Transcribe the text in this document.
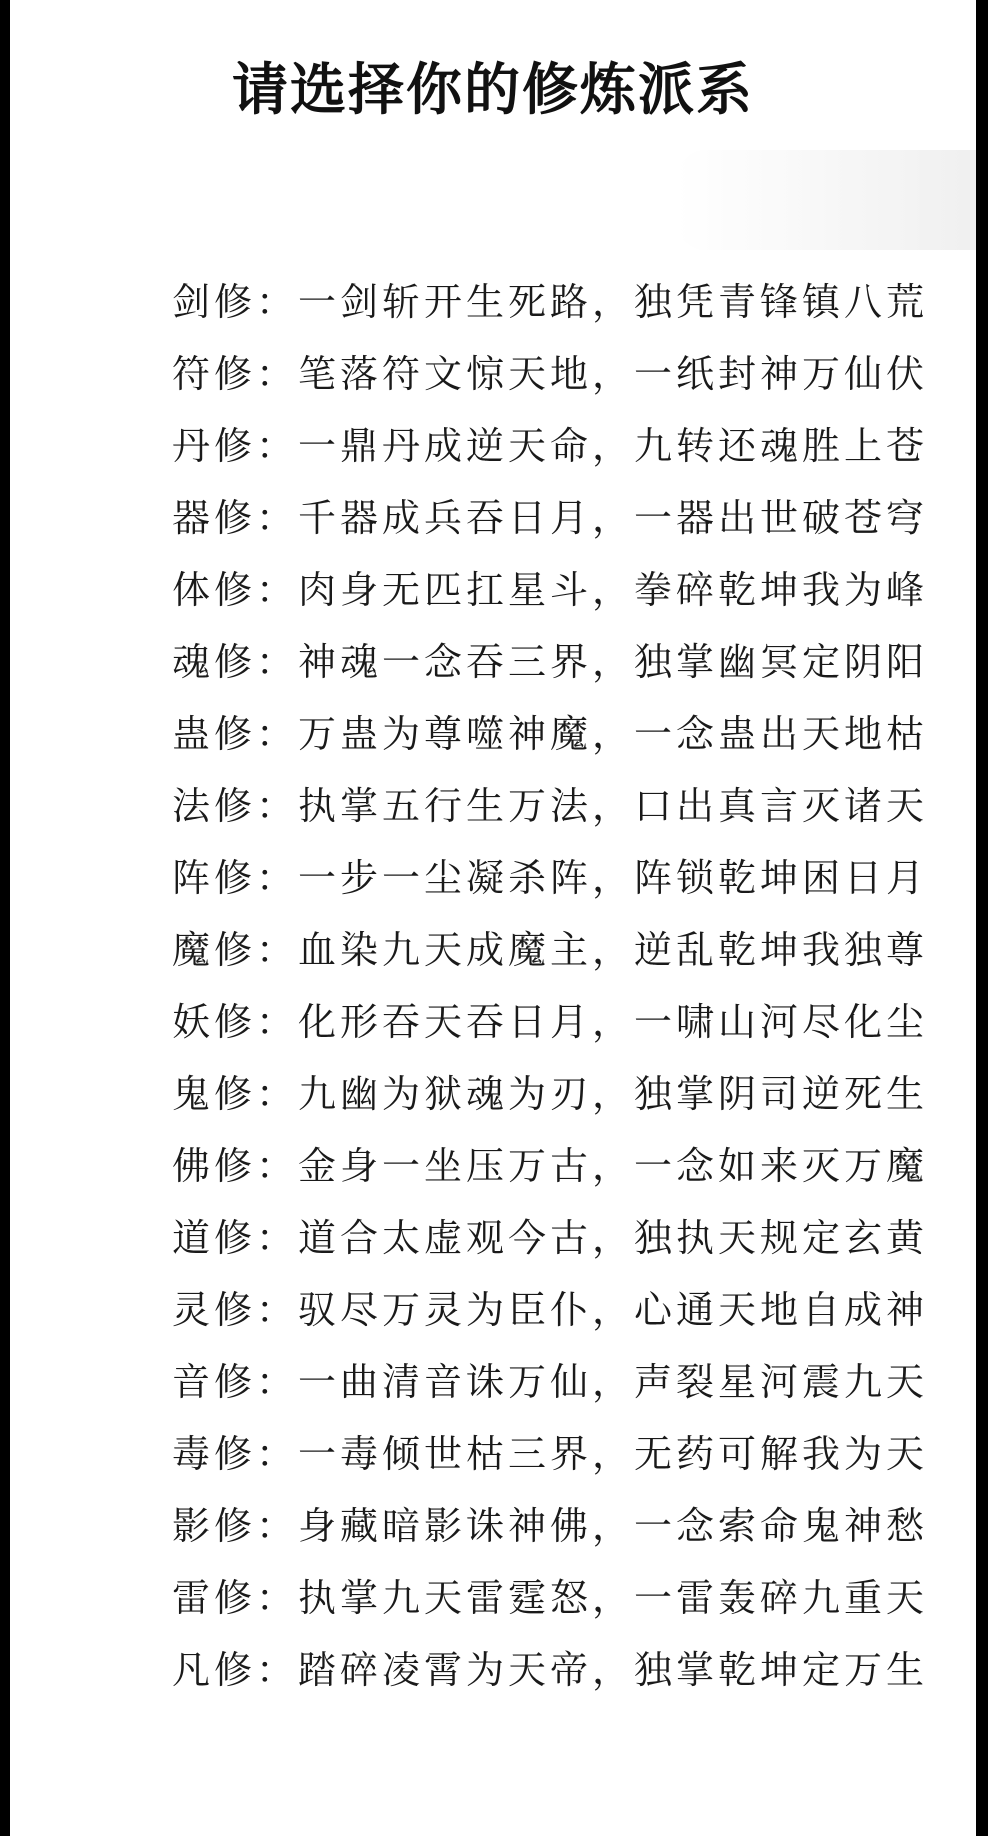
请选择你的修炼派系
剑修 ： 一剑斩开生死路，独凭青锋镇八荒
符修 ： 笔落符文惊天地，一纸封神万仙伏
丹修 ： 一鼎丹成逆天命，九转还魂胜上苍
器修 ： 千器成兵吞日月，一器出世破苍穹
体修 ： 肉身无匹扛星斗，拳碎乾坤我为峰
魂修 ： 神魂一念吞三界，独掌幽冥定阴阳
蛊修 ： 万蛊为尊噬神魔，一念蛊出天地枯
法修 ： 执掌五行生万法，口出真言灭诸天
阵修 ： 一步一尘凝杀阵，阵锁乾坤困日月
魔修 ： 血染九天成魔主，逆乱乾坤我独尊
妖修 ： 化形吞天吞日月，一啸山河尽化尘
鬼修 ： 九幽为狱魂为刃，独掌阴司逆死生
佛修 ： 金身一坐压万古，一念如来灭万魔
道修 ： 道合太虚观今古，独执天规定玄黄
灵修 ： 驭尽万灵为臣仆，心通天地自成神
音修 ： 一曲清音诛万仙，声裂星河震九天
毒修 ： 一毒倾世枯三界，无药可解我为天
影修 ： 身藏暗影诛神佛，一念索命鬼神愁
雷修 ： 执掌九天雷霆怒，一雷轰碎九重天
凡修 ： 踏碎凌霄为天帝，独掌乾坤定万生
